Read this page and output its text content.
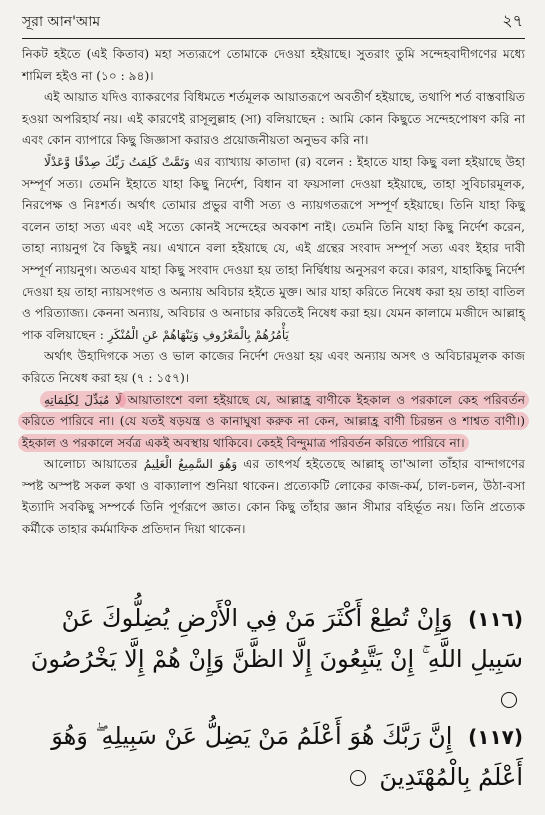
সূরা আন'আম	২৭

নিকট হইতে (এই কিতাব) মহা সত্যরূপে তোমাকে দেওয়া হইয়াছে। সুতরাং তুমি সন্দেহবাদীগণের মধ্যে শামিল হইও না (১০ : ৯৪)।

এই আয়াত যদিও ব্যাকরণের বিধিমতে শর্তমূলক আয়াতরূপে অবতীর্ণ হইয়াছে, তথাপি শর্ত বাস্তবায়িত হওয়া অপরিহার্য নয়। এই কারণেই রাসূলুল্লাহ (সা) বলিয়াছেন : আমি কোন কিছুতে সন্দেহপোষণ করি না এবং কোন ব্যাপারে কিছু জিজ্ঞাসা করারও প্রয়োজনীয়তা অনুভব করি না।

وَتَمَّتْ كَلِمَتُ رَبِّكَ صِدْقًا وَّعَدْلًا এর ব্যাখ্যায় কাতাদা (র) বলেন : ইহাতে যাহা কিছু বলা হইয়াছে উহা সম্পূর্ণ সত্য। তেমনি ইহাতে যাহা কিছু নির্দেশ, বিধান বা ফয়সালা দেওয়া হইয়াছে, তাহা সুবিচারমূলক, নিরপেক্ষ ও নিঃশর্ত। অর্থাৎ তোমার প্রভুর বাণী সত্য ও ন্যায়গতরূপে সম্পূর্ণ হইয়াছে। তিনি যাহা কিছু বলেন তাহা সত্য এবং এই সত্যে কোনই সন্দেহের অবকাশ নাই। তেমনি তিনি যাহা কিছু নির্দেশ করেন, তাহা ন্যায়নুগ বৈ কিছুই নয়। এখানে বলা হইয়াছে যে, এই গ্রন্থের সংবাদ সম্পূর্ণ সত্য এবং ইহার দাবী সম্পূর্ণ ন্যায়নুগ। অতএব যাহা কিছু সংবাদ দেওয়া হয় তাহা নির্দ্বিধায় অনুসরণ করে। কারণ, যাহাকিছু নির্দেশ দেওয়া হয় তাহা ন্যায়সংগত ও অন্যায় অবিচার হইতে মুক্ত। আর যাহা করিতে নিষেধ করা হয় তাহা বাতিল ও পরিত্যাজ্য। কেননা অন্যায়, অবিচার ও অনাচার করিতেই নিষেধ করা হয়। যেমন কালামে মজীদে আল্লাহ্ পাক বলিয়াছেন : يَأْمُرُهُمْ بِالْمَعْرُوفِ وَيَنْهَاهُمْ عَنِ الْمُنْكَرِ

অর্থাৎ উহাদিগকে সত্য ও ভাল কাজের নির্দেশ দেওয়া হয় এবং অন্যায় অসৎ ও অবিচারমূলক কাজ করিতে নিষেধ করা হয় (৭ : ১৫৭)।

لَا مُبَدِّلَ لِكَلِمَاتِهِ আয়াতাংশে বলা হইয়াছে যে, আল্লাহ্র বাণীকে ইহকাল ও পরকালে কেহ পরিবর্তন করিতে পারিবে না। (যে যতই ষড়যন্ত্র ও কানাঘুষা করুক না কেন, আল্লাহ্র বাণী চিরন্তন ও শাশ্বত বাণী।) ইহকাল ও পরকালে সর্বত্র একই অবস্থায় থাকিবে। কেহই বিন্দুমাত্র পরিবর্তন করিতে পারিবে না।

আলোচ্য আয়াতের وَهُوَ السَّمِيعُ الْعَلِيمُ এর তাৎপর্য হইতেছে আল্লাহ্ তা'আলা তাঁহার বান্দাগণের স্পষ্ট অস্পষ্ট সকল কথা ও বাক্যালাপ শুনিয়া থাকেন। প্রত্যেকটি লোকের কাজ-কর্ম, চাল-চলন, উঠা-বসা ইত্যাদি সবকিছু সম্পর্কে তিনি পূর্ণরূপে জ্ঞাত। কোন কিছু তাঁহার জ্ঞান সীমার বহির্ভূত নয়। তিনি প্রত্যেক কর্মীকে তাহার কর্মমাফিক প্রতিদান দিয়া থাকেন।

(١١٦) وَإِنْ تُطِعْ أَكْثَرَ مَنْ فِي الْأَرْضِ يُضِلُّوكَ عَنْ سَبِيلِ اللَّهِ ۚ إِنْ يَتَّبِعُونَ إِلَّا الظَّنَّ وَإِنْ هُمْ إِلَّا يَخْرُصُونَ
(١١٧) إِنَّ رَبَّكَ هُوَ أَعْلَمُ مَنْ يَضِلُّ عَنْ سَبِيلِهِ ۖ وَهُوَ أَعْلَمُ بِالْمُهْتَدِينَ
